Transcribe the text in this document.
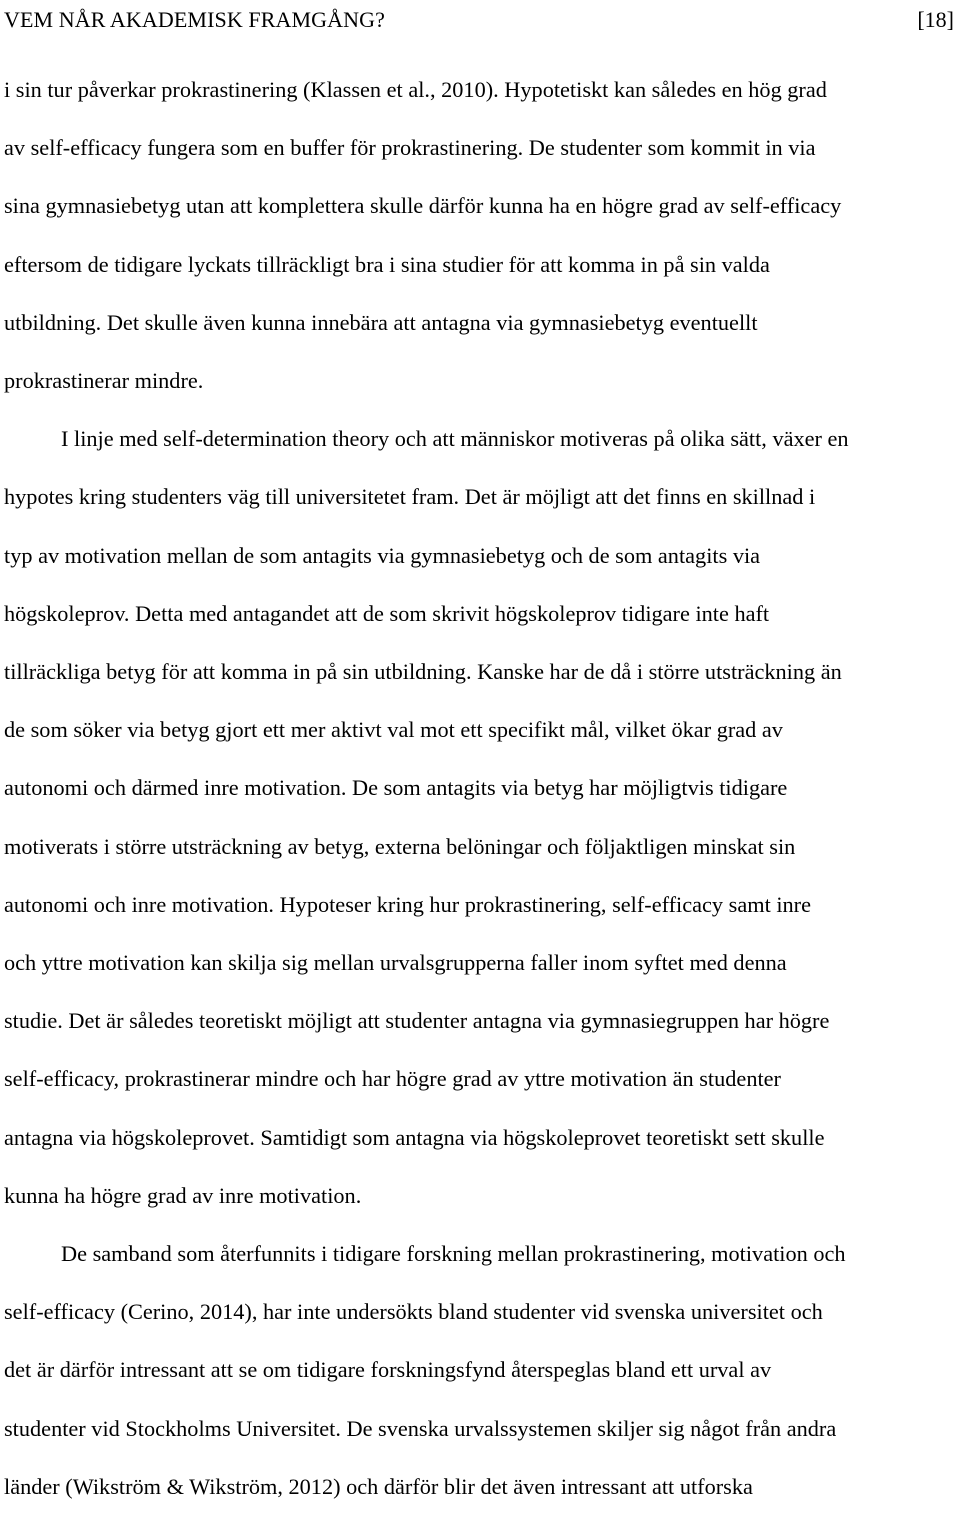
VEM NÅR AKADEMISK FRAMGÅNG?	[18]

i sin tur påverkar prokrastinering (Klassen et al., 2010). Hypotetiskt kan således en hög grad
av self-efficacy fungera som en buffer för prokrastinering. De studenter som kommit in via
sina gymnasiebetyg utan att komplettera skulle därför kunna ha en högre grad av self-efficacy
eftersom de tidigare lyckats tillräckligt bra i sina studier för att komma in på sin valda
utbildning. Det skulle även kunna innebära att antagna via gymnasiebetyg eventuellt
prokrastinerar mindre.

I linje med self-determination theory och att människor motiveras på olika sätt, växer en
hypotes kring studenters väg till universitetet fram. Det är möjligt att det finns en skillnad i
typ av motivation mellan de som antagits via gymnasiebetyg och de som antagits via
högskoleprov. Detta med antagandet att de som skrivit högskoleprov tidigare inte haft
tillräckliga betyg för att komma in på sin utbildning. Kanske har de då i större utsträckning än
de som söker via betyg gjort ett mer aktivt val mot ett specifikt mål, vilket ökar grad av
autonomi och därmed inre motivation. De som antagits via betyg har möjligtvis tidigare
motiverats i större utsträckning av betyg, externa belöningar och följaktligen minskat sin
autonomi och inre motivation. Hypoteser kring hur prokrastinering, self-efficacy samt inre
och yttre motivation kan skilja sig mellan urvalsgrupperna faller inom syftet med denna
studie. Det är således teoretiskt möjligt att studenter antagna via gymnasiegruppen har högre
self-efficacy, prokrastinerar mindre och har högre grad av yttre motivation än studenter
antagna via högskoleprovet. Samtidigt som antagna via högskoleprovet teoretiskt sett skulle
kunna ha högre grad av inre motivation.

De samband som återfunnits i tidigare forskning mellan prokrastinering, motivation och
self-efficacy (Cerino, 2014), har inte undersökts bland studenter vid svenska universitet och
det är därför intressant att se om tidigare forskningsfynd återspeglas bland ett urval av
studenter vid Stockholms Universitet. De svenska urvalssystemen skiljer sig något från andra
länder (Wikström & Wikström, 2012) och därför blir det även intressant att utforska
